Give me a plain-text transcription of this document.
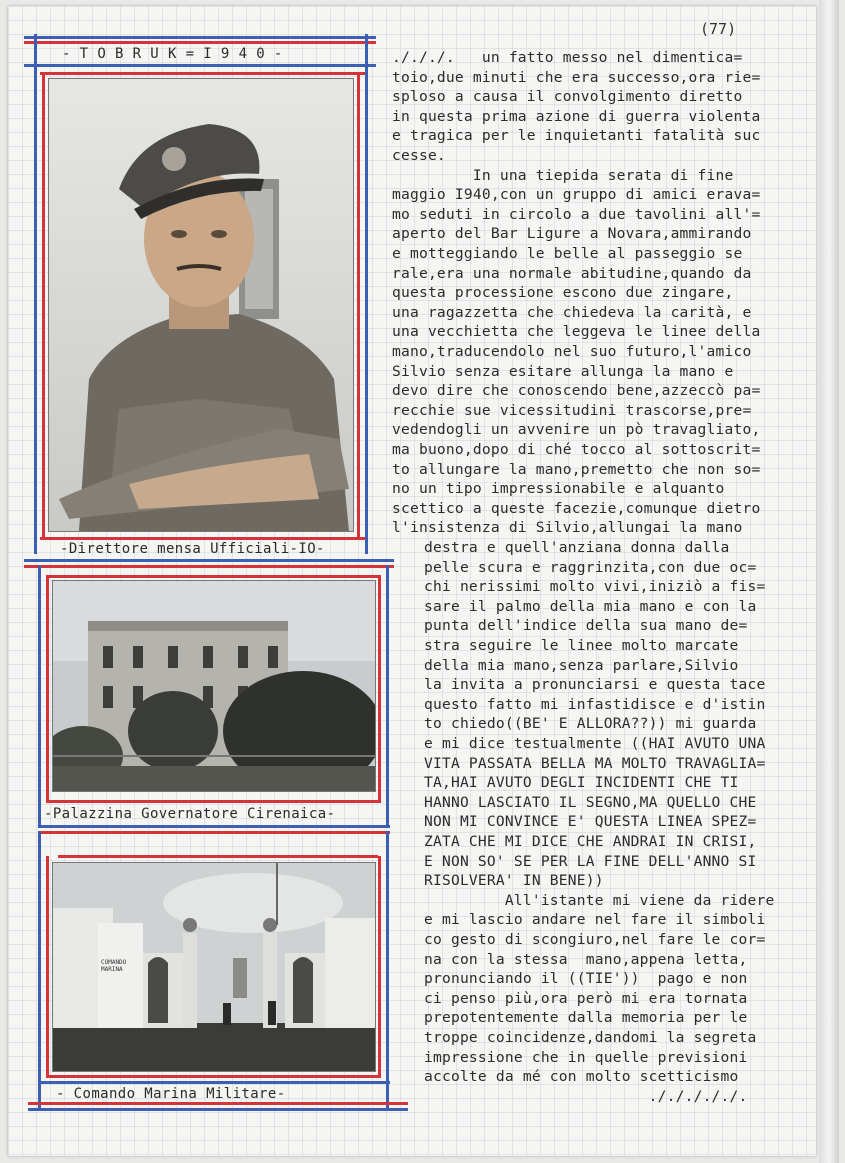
(77)
- T O B R U K = I 9 4 0 -
-Direttore mensa Ufficiali-IO-
-Palazzina Governatore Cirenaica-
COMANDO
MARINA
- Comando Marina Militare-
./././.   un fatto messo nel dimentica=
toio,due minuti che era successo,ora rie=
sploso a causa il convolgimento diretto
in questa prima azione di guerra violenta
e tragica per le inquietanti fatalità suc
cesse.
In una tiepida serata di fine
maggio I940,con un gruppo di amici erava=
mo seduti in circolo a due tavolini all'=
aperto del Bar Ligure a Novara,ammirando
e motteggiando le belle al passeggio se
rale,era una normale abitudine,quando da
questa processione escono due zingare,
una ragazzetta che chiedeva la carità, e
una vecchietta che leggeva le linee della
mano,traducendolo nel suo futuro,l'amico
Silvio senza esitare allunga la mano e
devo dire che conoscendo bene,azzeccò pa=
recchie sue vicessitudini trascorse,pre=
vedendogli un avvenire un pò travagliato,
ma buono,dopo di ché tocco al sottoscrit=
to allungare la mano,premetto che non so=
no un tipo impressionabile e alquanto
scettico a queste facezie,comunque dietro
l'insistenza di Silvio,allungai la mano
destra e quell'anziana donna dalla
pelle scura e raggrinzita,con due oc=
chi nerissimi molto vivi,iniziò a fis=
sare il palmo della mia mano e con la
punta dell'indice della sua mano de=
stra seguire le linee molto marcate
della mia mano,senza parlare,Silvio
la invita a pronunciarsi e questa tace
questo fatto mi infastidisce e d'istin
to chiedo((BE' E ALLORA??)) mi guarda
e mi dice testualmente ((HAI AVUTO UNA
VITA PASSATA BELLA MA MOLTO TRAVAGLIA=
TA,HAI AVUTO DEGLI INCIDENTI CHE TI
HANNO LASCIATO IL SEGNO,MA QUELLO CHE
NON MI CONVINCE E' QUESTA LINEA SPEZ=
ZATA CHE MI DICE CHE ANDRAI IN CRISI,
E NON SO' SE PER LA FINE DELL'ANNO SI
RISOLVERA' IN BENE))
All'istante mi viene da ridere
e mi lascio andare nel fare il simboli
co gesto di scongiuro,nel fare le cor=
na con la stessa  mano,appena letta,
pronunciando il ((TIE'))  pago e non
ci penso più,ora però mi era tornata
prepotentemente dalla memoria per le
troppe coincidenze,dandomi la segreta
impressione che in quelle previsioni
accolte da mé con molto scetticismo
./././././.
